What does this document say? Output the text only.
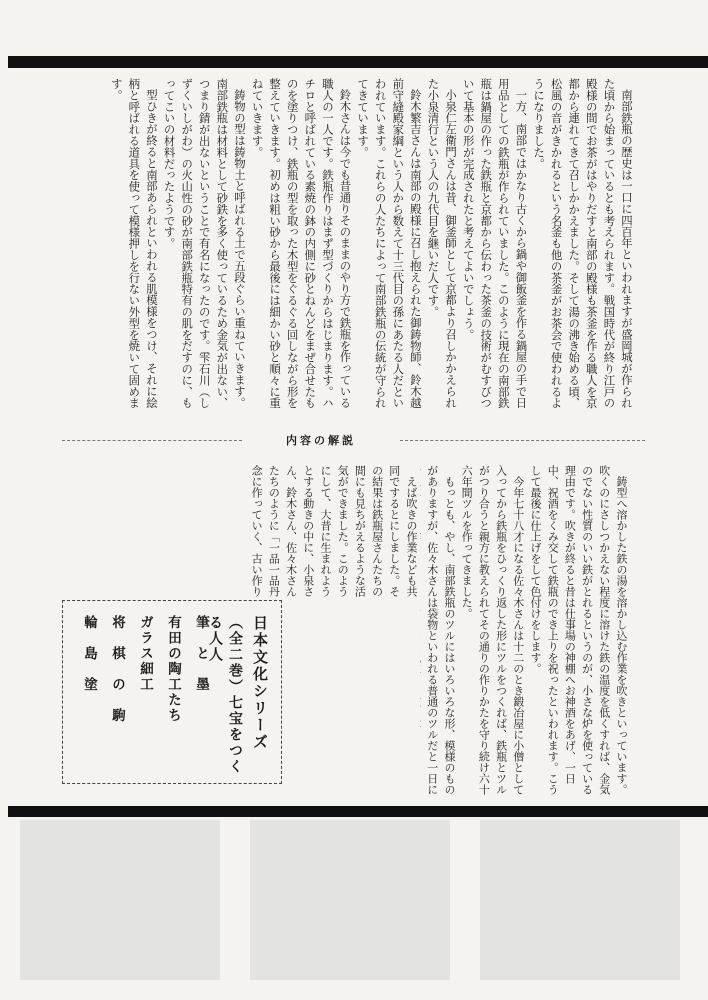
南部鉄瓶の歴史は一口に四百年といわれますが盛岡城が作られた頃から始まっているとも考えられます。戦国時代が終り江戸の殿様の間でお茶がはやりだすと南部の殿様も茶釜を作る職人を京都から連れてきて召しかかえました。そして湯の沸き始める頃、松風の音がきかれるという名釜も他の茶釜がお茶会で使われるようになりました。

一方、南部ではかなり古くから鍋や御飯釜を作る鍋屋の手で日用品としての鉄瓶が作られていました。このように現在の南部鉄瓶は鍋屋の作った鉄瓶と京都から伝わった茶釜の技術がむすびついて基本の形が完成されたと考えてよいでしょう。

小泉仁左衛門さんは昔、御釜師として京都より召しかかえられた小泉清行という人の九代目を継いだ人です。

鈴木繁吉さんは南部の殿様に召し抱えられた御鋳物師、鈴木越前守縫殿家綱という人から数えて十三代目の孫にあたる人だといわれています。これらの人たちによって南部鉄瓶の伝統が守られてきています。

鈴木さんは今でも昔通りそのままのやり方で鉄瓶を作っている職人の一人です。鉄瓶作りはまず型づくりからはじまります。ハチロと呼ばれている素焼の鉢の内側に砂とねんどをまぜ合せたものを塗りつけ、鉄瓶の型を取った木型をぐるぐる回しながら形を整えていきます。初めは粗い砂から最後には細かい砂と順々に重ねていきます。

鋳物の型は鋳物土と呼ばれる土で五段ぐらい重ねていきます。南部鉄瓶は材料として砂鉄を多く使っているため金気が出ない、つまり錆が出ないということで有名になったのです。雫石川（しずくいしがわ）の火山性の砂が南部鉄瓶特有の肌をだすのに、もってこいの材料だったようです。

型ひきが終ると南部あられといわれる肌模様をつけ、それに絵柄と呼ばれる道具を使って模様押しを行ない外型を焼いて固めます。

内容の解説

鋳型へ溶かした鉄の湯を溶かし込む作業を吹きといっています。吹くのにさしつかえない程度に溶けた鉄の温度を低くすれば、金気のでない性質のいい鉄がとれるというのが、小さな炉を使っている理由です。吹きが終ると昔は仕事場の神棚へお神酒をあげ、一日中、祝酒をくみ交して鉄瓶のでき上りを祝ったといわれます。こうして最後に仕上げをして色付けをします。

今年七十八才になる佐々木さんは十二のとき鍛冶屋に小僧として入ってから鉄瓶をひっくり返した形にツルをつくれば、鉄瓶とツルがつり合うと親方に教えられてその通りの作りかたを守り続け六十六年間ツルを作ってきました。

もっとも、やし、南部鉄瓶のツルにはいろいろな形、模様のものがありますが、佐々木さんは袋物といわれる普通のツルだと一日に

えば吹きの作業なども共同でするとにしました。その結果は鉄瓶屋さんたちの間にも見ちがえるような活気ができました。このようにして、大昔に生まれようとする動きの中に、小泉さん、鈴木さん、佐々木さんたちのように「一品一品丹念に作っていく、古い作り

日本文化シリーズ
（全二巻）七宝をつくる人人
筆　と　墨
有田の陶工たち
ガラス細工
将　棋　の　駒
輪　島　塗
